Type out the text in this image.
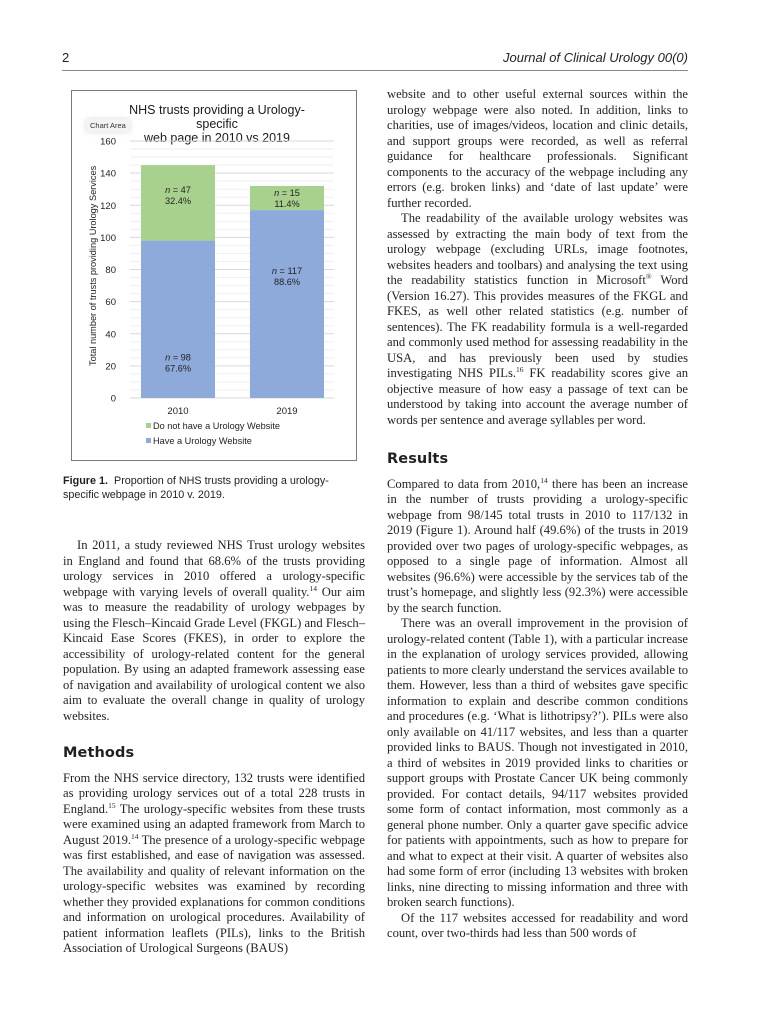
2	Journal of Clinical Urology 00(0)
NHS trusts providing a Urology-specific
web page in 2010 vs 2019
Chart Area
Total number of trusts providing Urology Services
0
20
40
60
80
100
120
140
160
n = 98
67.6%
n = 47
32.4%
2010
n = 117
88.6%
n = 15
11.4%
2019
Do not have a Urology Website
Have a Urology Website
Figure 1. Proportion of NHS trusts providing a urology-specific webpage in 2010 v. 2019.

In 2011, a study reviewed NHS Trust urology websites in England and found that 68.6% of the trusts providing urology services in 2010 offered a urology-specific webpage with varying levels of overall quality.$^{14}$ Our aim was to measure the readability of urology webpages by using the Flesch–Kincaid Grade Level (FKGL) and Flesch–Kincaid Ease Scores (FKES), in order to explore the accessibility of urology-related content for the general population. By using an adapted framework assessing ease of navigation and availability of urological content we also aim to evaluate the overall change in quality of urology websites.

Methods

From the NHS service directory, 132 trusts were identified as providing urology services out of a total 228 trusts in England.$^{15}$ The urology-specific websites from these trusts were examined using an adapted framework from March to August 2019.14 The presence of a urology-specific webpage was first established, and ease of navigation was assessed. The availability and quality of relevant information on the urology-specific websites was examined by recording whether they provided explanations for common conditions and information on urological procedures. Availability of patient information leaflets (PILs), links to the British Association of Urological Surgeons (BAUS)

website and to other useful external sources within the urology webpage were also noted. In addition, links to charities, use of images/videos, location and clinic details, and support groups were recorded, as well as referral guidance for healthcare professionals. Significant components to the accuracy of the webpage including any errors (e.g. broken links) and ‘date of last update’ were further recorded.

The readability of the available urology websites was assessed by extracting the main body of text from the urology webpage (excluding URLs, image footnotes, websites headers and toolbars) and analysing the text using the readability statistics function in Microsoft® Word (Version 16.27). This provides measures of the FKGL and FKES, as well other related statistics (e.g. number of sentences). The FK readability formula is a well-regarded and commonly used method for assessing readability in the USA, and has previously been used by studies investigating NHS PILs.$^{16}$ FK readability scores give an objective measure of how easy a passage of text can be understood by taking into account the average number of words per sentence and average syllables per word.

Results

Compared to data from 2010,14 there has been an increase in the number of trusts providing a urology-specific webpage from 98/145 total trusts in 2010 to 117/132 in 2019 (Figure 1). Around half (49.6%) of the trusts in 2019 provided over two pages of urology-specific webpages, as opposed to a single page of information. Almost all websites (96.6%) were accessible by the services tab of the trust’s homepage, and slightly less (92.3%) were accessible by the search function.

There was an overall improvement in the provision of urology-related content (Table 1), with a particular increase in the explanation of urology services provided, allowing patients to more clearly understand the services available to them. However, less than a third of websites gave specific information to explain and describe common conditions and procedures (e.g. ‘What is lithotripsy?’). PILs were also only available on 41/117 websites, and less than a quarter provided links to BAUS. Though not investigated in 2010, a third of websites in 2019 provided links to charities or support groups with Prostate Cancer UK being commonly provided. For contact details, 94/117 websites provided some form of contact information, most commonly as a general phone number. Only a quarter gave specific advice for patients with appointments, such as how to prepare for and what to expect at their visit. A quarter of websites also had some form of error (including 13 websites with broken links, nine directing to missing information and three with broken search functions).

Of the 117 websites accessed for readability and word count, over two-thirds had less than 500 words of
